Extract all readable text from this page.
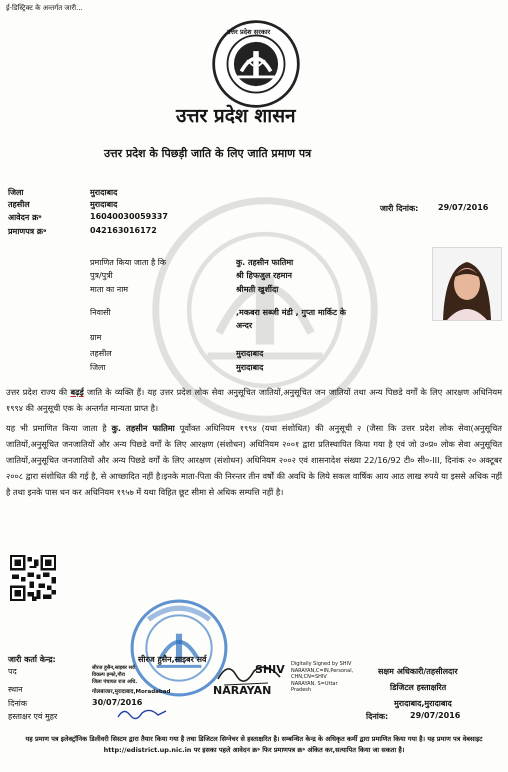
ई-डिस्ट्रिक्ट के अन्तर्गत जारी...
उत्तर प्रदेश सरकार
उत्तर प्रदेश शासन
उत्तर प्रदेश के पिछड़ी जाति के लिए जाति प्रमाण पत्र
जिला	मुरादाबाद
तहसील	मुरादाबाद
आवेदन क्र॰	16040030059337
प्रमाणपत्र क्र॰	042163016172
जारी दिनांक: 29/07/2016
प्रमाणित किया जाता है कि	कु. तहसीन फातिमा
पुत्र/पुत्री	श्री हिफजुल रहमान
माता का नाम	श्रीमती खुर्शीदा
निवासी	,मकबरा सब्जी मंडी , गुप्ता मार्किट के
अन्दर
ग्राम
तहसील	मुरादाबाद
जिला	मुरादाबाद
उत्तर प्रदेश राज्य की बढ़ई जाति के व्यक्ति हैं। यह उत्तर प्रदेश लोक सेवा अनुसूचित जातियों,अनुसूचित जन जातियों तथा अन्य पिछडे वर्गों के लिए आरक्षण अधिनियम १९९४ की अनुसूची एक के अन्तर्गत मान्यता प्राप्त है।
यह भी प्रमाणित किया जाता है कु. तहसीन फातिमा पूर्वोक्त अधिनियम १९९४ (यथा संशोधित) की अनुसूची २ (जैसा कि उत्तर प्रदेश लोक सेवा(अनुसूचित जातियों,अनुसूचित जनजातियों और अन्य पिछडे वर्गों के लिए आरक्षण (संशोधन) अधिनियम २००१ द्वारा प्रतिस्थापित किया गया है एवं जो उ०प्र० लोक सेवा अनुसूचित जातियों,अनुसूचित जनजातियों और अन्य पिछडे वर्गों के लिए आरक्षण (संशोधन) अधिनियम २००२ एवं शासनादेश संख्या 22/16/92 टी० सी०-III, दिनांक २० अक्टूबर २००८ द्वारा संशोधित की गई है, से आच्छादित नहीं है।इनके माता-पिता की निरन्तर तीन वर्षों की अवधि के लिये सकल वार्षिक आय आठ लाख रुपये या इससे अधिक नहीं है तथा इनके पास धन कर अधिनियम १९५७ में यथा विहित छूट सीमा से अधिक सम्पत्ति नहीं है।
जारी कर्ता केन्द्र:	सीरज हुसैन,साइबर सर्व
पद	सीरज हुसैन,साइबर सर्व
विकल्प इन्फो,गौरा
जिला पंचायत राज अधि.
गोलबाजार,मुरादाबाद,Moradabad
स्थान
दिनांक	30/07/2016
हस्ताक्षर एवं मुहर
SHIV
NARAYAN
Digitally Signed by SHIV
NARAYAN,C=IN,Personal,
CHN,CN=SHIV
NARAYAN, S=Uttar
Pradesh
सक्षम अधिकारी/तहसीलदार
डिजिटल हस्ताक्षरित
मुरादाबाद,मुरादाबाद
दिनांक:	29/07/2016
यह प्रमाण पत्र इलेक्ट्रॉनिक डिलीवरी सिस्टम द्वारा तैयार किया गया है तथा डिजिटल सिग्नेचर से हस्ताक्षरित है। सम्बन्धित केन्द्र के अधिकृत कर्मी द्वारा प्रमाणित किया गया है। यह प्रमाण पत्र वेबसाइट http://edistrict.up.nic.in पर इसका पहले आवेदन क्र॰ फिर प्रमाणपत्र क्र॰ अंकित कर,सत्यापित किया जा सकता है।
